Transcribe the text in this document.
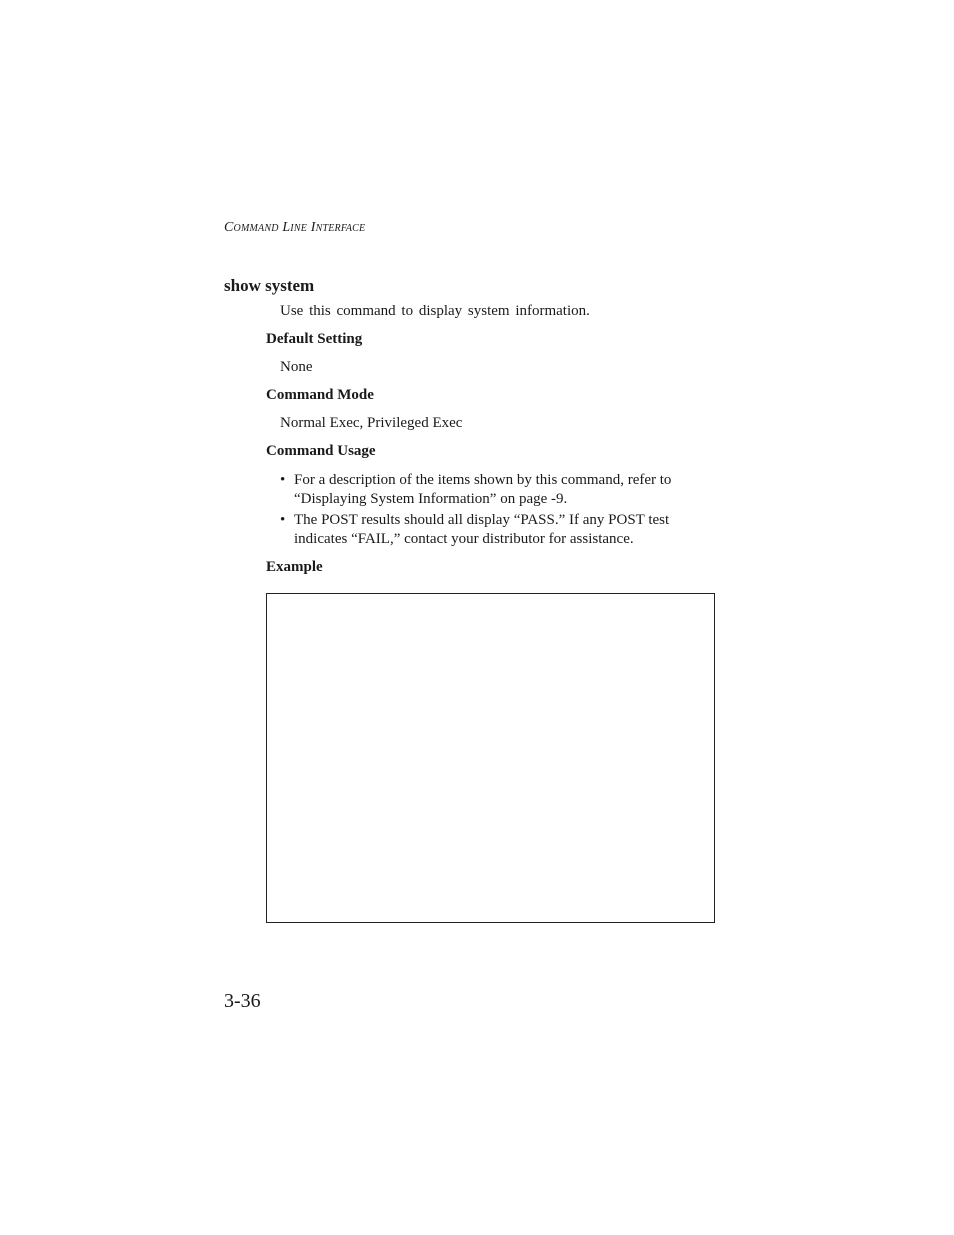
Command Line Interface
show system

Use this command to display system information.

Default Setting

None

Command Mode

Normal Exec, Privileged Exec

Command Usage
• For a description of the items shown by this command, refer to “Displaying System Information” on page -9.
• The POST results should all display “PASS.” If any POST test indicates “FAIL,” contact your distributor for assistance.
Example
3-36
